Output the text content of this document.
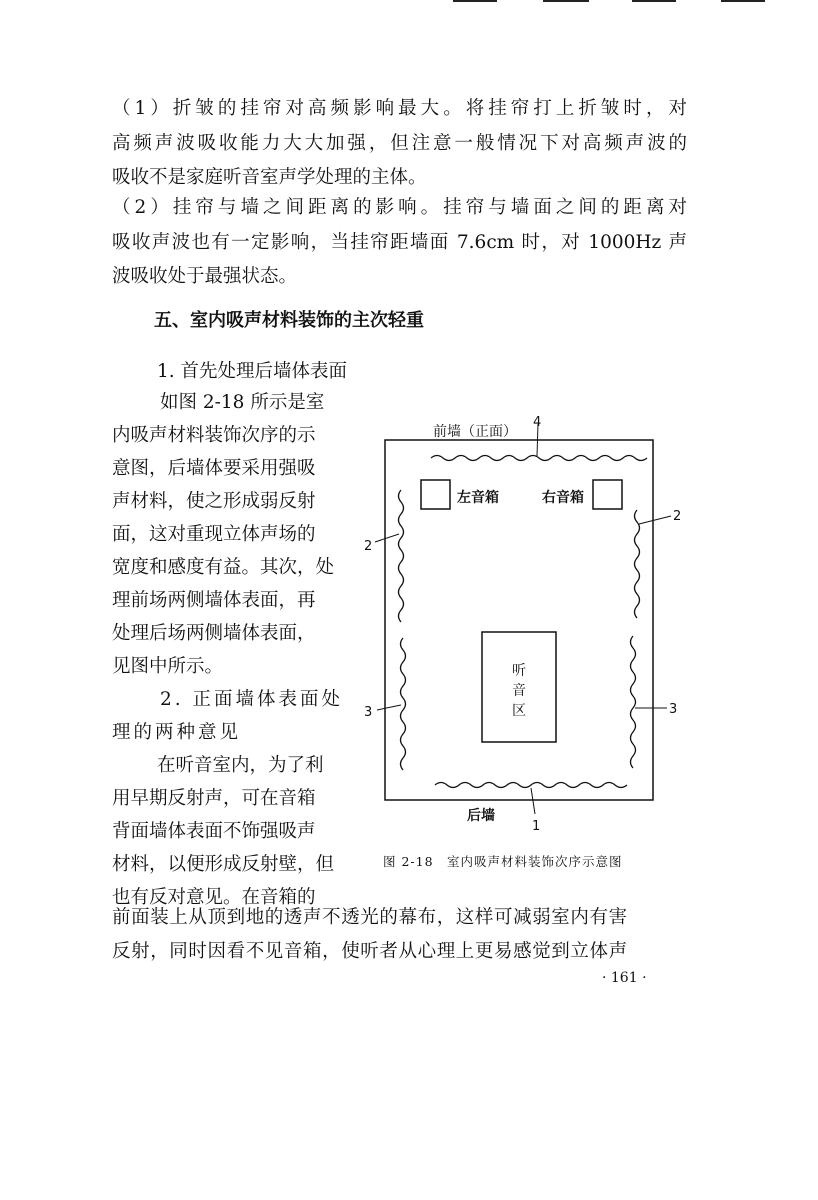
（1）折皱的挂帘对高频影响最大。将挂帘打上折皱时，对
高频声波吸收能力大大加强，但注意一般情况下对高频声波的
吸收不是家庭听音室声学处理的主体。

（2）挂帘与墙之间距离的影响。挂帘与墙面之间的距离对
吸收声波也有一定影响，当挂帘距墙面 7.6cm 时，对 1000Hz 声
波吸收处于最强状态。

五、室内吸声材料装饰的主次轻重
1. 首先处理后墙体表面
如图 2-18 所示是室
内吸声材料装饰次序的示
意图，后墙体要采用强吸
声材料，使之形成弱反射
面，这对重现立体声场的
宽度和感度有益。其次，处
理前场两侧墙体表面，再
处理后场两侧墙体表面，
见图中所示。
2. 正面墙体表面处
理的两种意见
在听音室内，为了利
用早期反射声，可在音箱
背面墙体表面不饰强吸声
材料，以便形成反射壁，但
也有反对意见。在音箱的
前面装上从顶到地的透声不透光的幕布，这样可减弱室内有害
反射，同时因看不见音箱，使听者从心理上更易感觉到立体声
前墙（正面）
4
左音箱	右音箱
2
2
3	3
听
音
区
后墙
1
图 2-18　室内吸声材料装饰次序示意图
· 161 ·
